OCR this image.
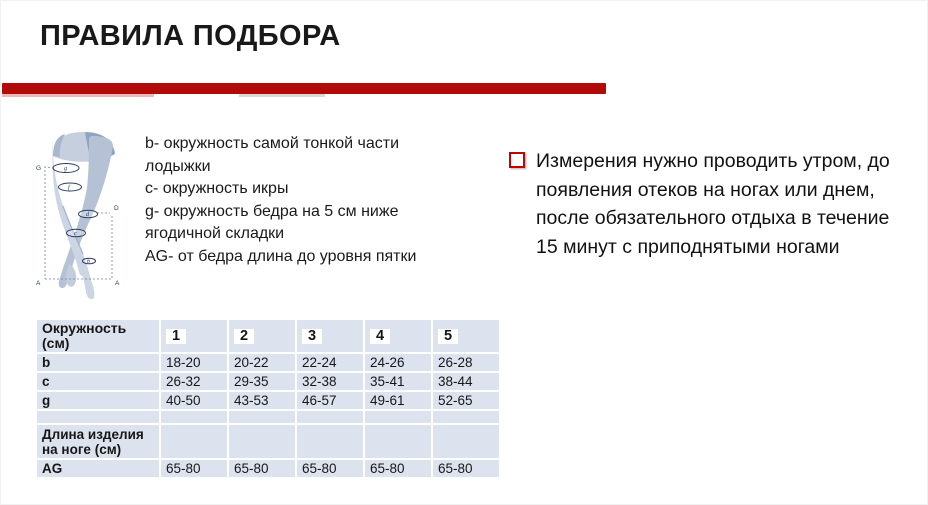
ПРАВИЛА ПОДБОРА
g
f
d
c
b
G
D
A	A

b- окружность самой тонкой части лодыжки

c- окружность икры

g- окружность бедра на 5 см ниже ягодичной складки

AG- от бедра длина до уровня пятки

Измерения нужно проводить утром, до появления отеков на ногах или днем, после обязательного отдыха в течение 15 минут с приподнятыми ногами

Окружность (см)	1	2	3	4	5
b	18-20	20-22	22-24	24-26	26-28
c	26-32	29-35	32-38	35-41	38-44
g	40-50	43-53	46-57	49-61	52-65

Длина изделия на ноге (см)					
AG	65-80	65-80	65-80	65-80	65-80
